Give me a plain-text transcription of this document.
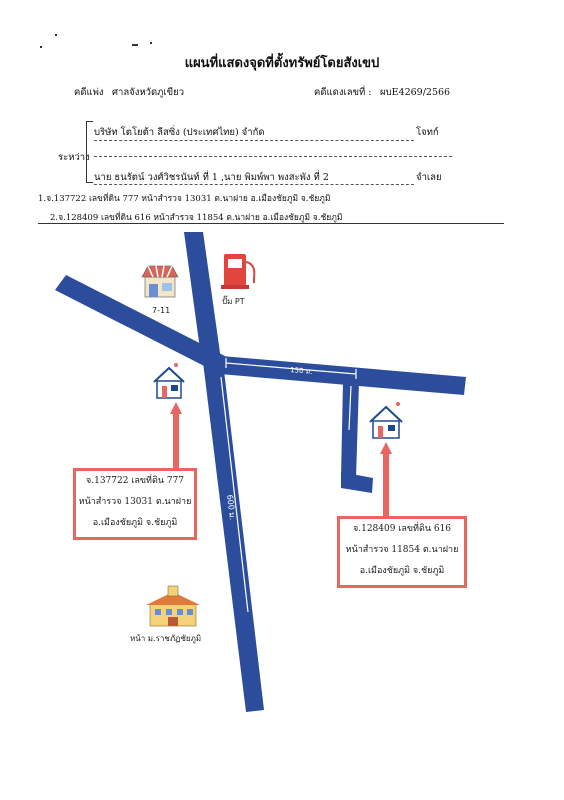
แผนที่แสดงจุดที่ตั้งทรัพย์โดยสังเขป
คดีแพ่ง ศาลจังหวัดภูเขียว	คดีแดงเลขที่ : ผบE4269/2566
ระหว่าง
บริษัท โตโยต้า ลีสซิ่ง (ประเทศไทย) จำกัด	โจทก์
นาย ธนรัตน์ วงศ์วิชรนันท์ ที่ 1 ,นาย พิมพ์พา พงสะพัง ที่ 2	จำเลย
1.จ.137722 เลขที่ดิน 777 หน้าสำรวจ 13031 ต.นาฝาย อ.เมืองชัยภูมิ จ.ชัยภูมิ
2.จ.128409 เลขที่ดิน 616 หน้าสำรวจ 11854 ต.นาฝาย อ.เมืองชัยภูมิ จ.ชัยภูมิ
150 ม.
600 ม.
7-11
ปั๊ม PT
หน้า ม.ราชภัฏชัยภูมิ
จ.137722 เลขที่ดิน 777
หน้าสำรวจ 13031 ต.นาฝาย
อ.เมืองชัยภูมิ จ.ชัยภูมิ
จ.128409 เลขที่ดิน 616
หน้าสำรวจ 11854 ต.นาฝาย
อ.เมืองชัยภูมิ จ.ชัยภูมิ
